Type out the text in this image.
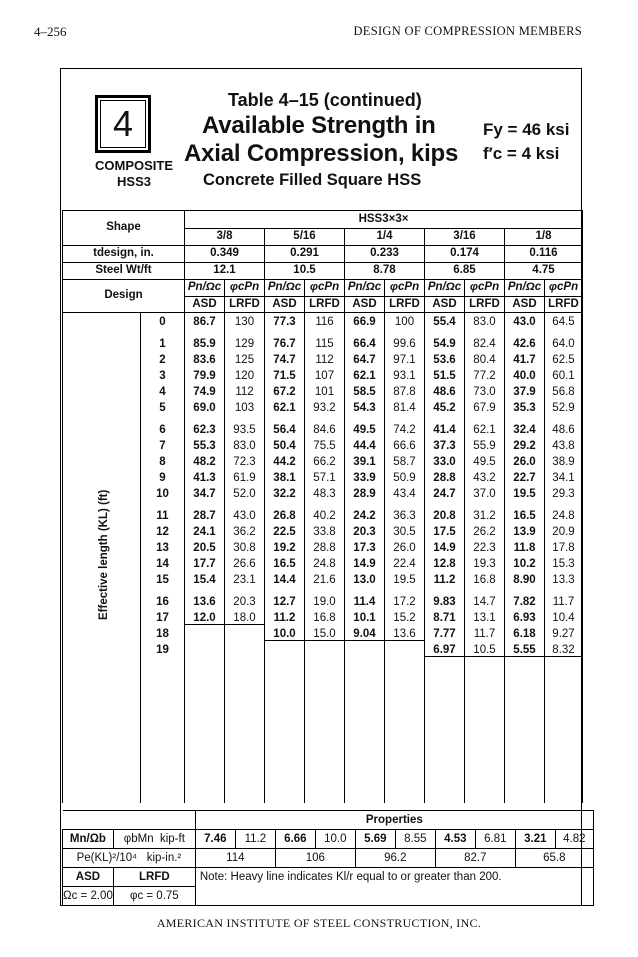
4–256	DESIGN OF COMPRESSION MEMBERS
4
COMPOSITE
HSS3
Table 4–15 (continued)
Available Strength in
Axial Compression, kips
Concrete Filled Square HSS
Fy = 46 ksi
f′c = 4 ksi
Shape		HSS3×3×									
		3/8		5/16		1/4		3/16		1/8	
tdesign, in.		0.349		0.291		0.233		0.174		0.116	
Steel Wt/ft		12.1		10.5		8.78		6.85		4.75	
Design		Pn/Ωc	φcPn	Pn/Ωc	φcPn	Pn/Ωc	φcPn	Pn/Ωc	φcPn	Pn/Ωc	φcPn
		ASD	LRFD	ASD	LRFD	ASD	LRFD	ASD	LRFD	ASD	LRFD
	0	86.7	130	77.3	116	66.9	100	55.4	83.0	43.0	64.5
	1	85.9	129	76.7	115	66.4	99.6	54.9	82.4	42.6	64.0
	2	83.6	125	74.7	112	64.7	97.1	53.6	80.4	41.7	62.5
	3	79.9	120	71.5	107	62.1	93.1	51.5	77.2	40.0	60.1
	4	74.9	112	67.2	101	58.5	87.8	48.6	73.0	37.9	56.8
	5	69.0	103	62.1	93.2	54.3	81.4	45.2	67.9	35.3	52.9
	6	62.3	93.5	56.4	84.6	49.5	74.2	41.4	62.1	32.4	48.6
	7	55.3	83.0	50.4	75.5	44.4	66.6	37.3	55.9	29.2	43.8
	8	48.2	72.3	44.2	66.2	39.1	58.7	33.0	49.5	26.0	38.9
	9	41.3	61.9	38.1	57.1	33.9	50.9	28.8	43.2	22.7	34.1
	10	34.7	52.0	32.2	48.3	28.9	43.4	24.7	37.0	19.5	29.3
	11	28.7	43.0	26.8	40.2	24.2	36.3	20.8	31.2	16.5	24.8
	12	24.1	36.2	22.5	33.8	20.3	30.5	17.5	26.2	13.9	20.9
	13	20.5	30.8	19.2	28.8	17.3	26.0	14.9	22.3	11.8	17.8
	14	17.7	26.6	16.5	24.8	14.9	22.4	12.8	19.3	10.2	15.3
	15	15.4	23.1	14.4	21.6	13.0	19.5	11.2	16.8	8.90	13.3
	16	13.6	20.3	12.7	19.0	11.4	17.2	9.83	14.7	7.82	11.7
	17	12.0	18.0	11.2	16.8	10.1	15.2	8.71	13.1	6.93	10.4
	18			10.0	15.0	9.04	13.6	7.77	11.7	6.18	9.27
	19							6.97	10.5	5.55	8.32

Effective length (KL) (ft)
		Properties									
Mn/Ωb	φbMn kip-ft	7.46	11.2	6.66	10.0	5.69	8.55	4.53	6.81	3.21	4.82
Pe(KL)²/10⁴ kip-in.²		114		106		96.2		82.7		65.8	
ASD	LRFD	Note: Heavy line indicates Kl/r equal to or greater than 200.									
Ωc = 2.00	φc = 0.75										
AMERICAN INSTITUTE OF STEEL CONSTRUCTION, INC.
